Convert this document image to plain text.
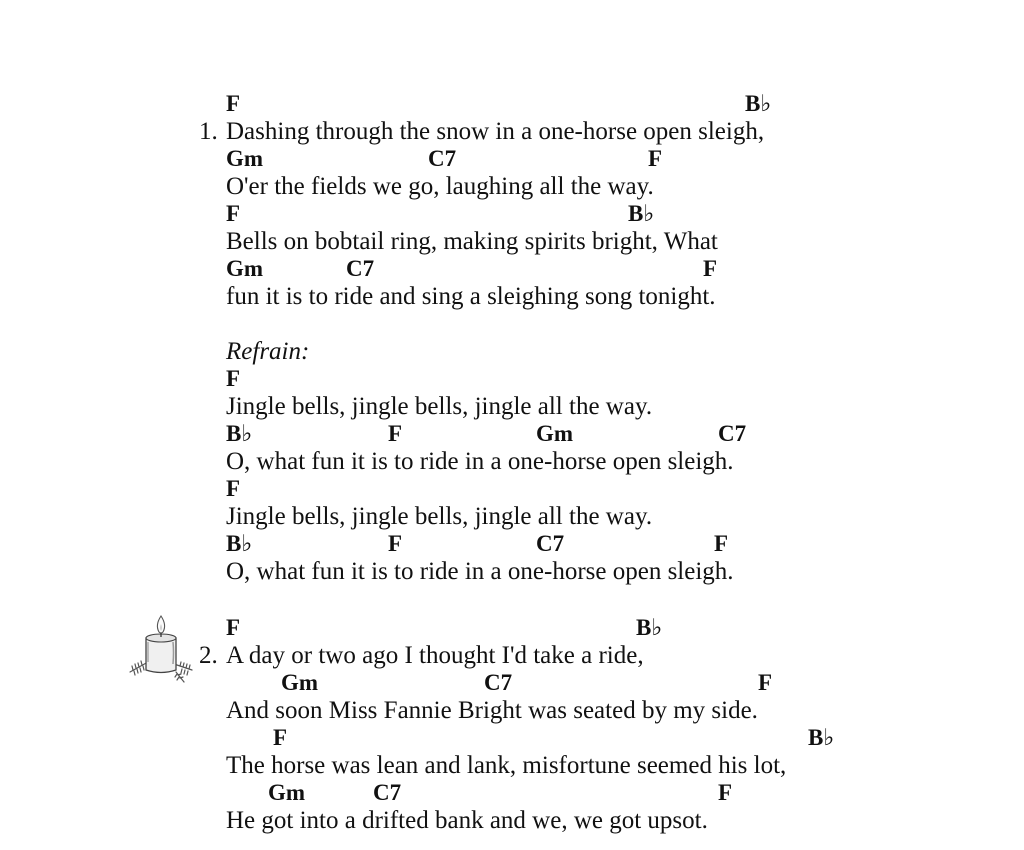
1.
F	B♭
Dashing through the snow in a one-horse open sleigh,
Gm	C7	F
O'er the fields we go, laughing all the way.
F	B♭
Bells on bobtail ring, making spirits bright, What
Gm	C7	F
fun it is to ride and sing a sleighing song tonight.
Refrain:
F
Jingle bells, jingle bells, jingle all the way.
B♭	F	Gm	C7
O, what fun it is to ride in a one-horse open sleigh.
F
Jingle bells, jingle bells, jingle all the way.
B♭	F	C7	F
O, what fun it is to ride in a one-horse open sleigh.
2.
F	B♭
A day or two ago I thought I'd take a ride,
Gm	C7	F
And soon Miss Fannie Bright was seated by my side.
F	B♭
The horse was lean and lank, misfortune seemed his lot,
Gm	C7	F
He got into a drifted bank and we, we got upsot.
